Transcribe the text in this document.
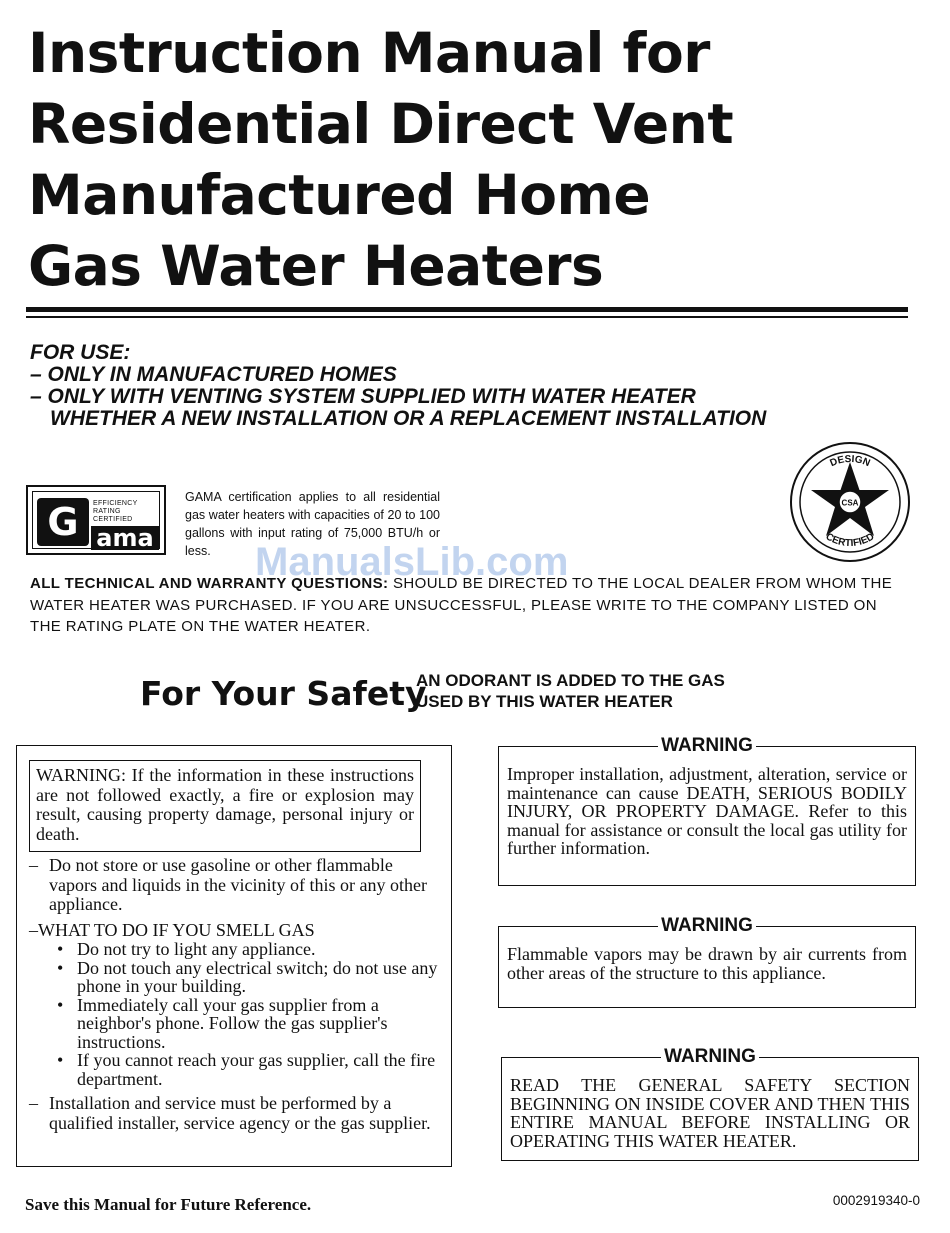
Instruction Manual for
Residential Direct Vent
Manufactured Home
Gas Water Heaters
FOR USE:
– ONLY IN MANUFACTURED HOMES
– ONLY WITH VENTING SYSTEM SUPPLIED WITH WATER HEATER
WHETHER A NEW INSTALLATION OR A REPLACEMENT INSTALLATION
G	EFFICIENCY
RATING
CERTIFIED
ama
GAMA certification applies to all residential gas water heaters with capacities of 20 to 100 gallons with input rating of 75,000 BTU/h or less.
DESIGN
CERTIFIED
CSA
ManualsLib.com
ALL TECHNICAL AND WARRANTY QUESTIONS: SHOULD BE DIRECTED TO THE LOCAL DEALER FROM WHOM THE WATER HEATER WAS PURCHASED. IF YOU ARE UNSUCCESSFUL, PLEASE WRITE TO THE COMPANY LISTED ON THE RATING PLATE ON THE WATER HEATER.
For Your Safety
AN ODORANT IS ADDED TO THE GAS
USED BY THIS WATER HEATER
WARNING: If the information in these instructions are not followed exactly, a fire or explosion may result, causing property damage, personal injury or death.
– Do not store or use gasoline or other flammable vapors and liquids in the vicinity of this or any other appliance.
–WHAT TO DO IF YOU SMELL GAS
• Do not try to light any appliance.
• Do not touch any electrical switch; do not use any phone in your building.
• Immediately call your gas supplier from a neighbor's phone. Follow the gas supplier's instructions.
• If you cannot reach your gas supplier, call the fire department.
– Installation and service must be performed by a qualified installer, service agency or the gas supplier.
WARNING
Improper installation, adjustment, alteration, service or maintenance can cause DEATH, SERIOUS BODILY INJURY, OR PROPERTY DAMAGE. Refer to this manual for assistance or consult the local gas utility for further information.
WARNING
Flammable vapors may be drawn by air currents from other areas of the structure to this appliance.
WARNING
READ THE GENERAL SAFETY SECTION BEGINNING ON INSIDE COVER AND THEN THIS ENTIRE MANUAL BEFORE INSTALLING OR OPERATING THIS WATER HEATER.
Save this Manual for Future Reference.	0002919340-0
